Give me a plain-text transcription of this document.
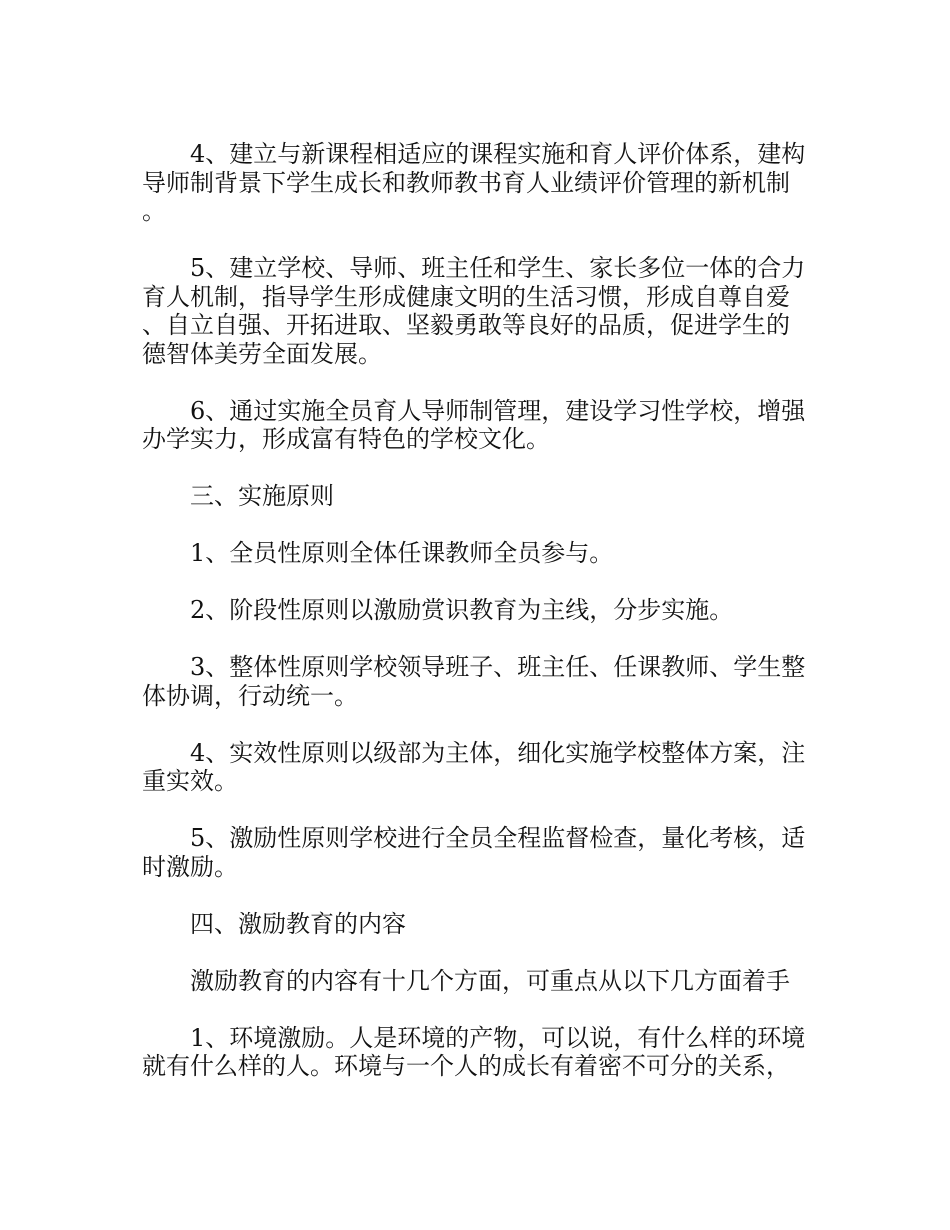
4、建立与新课程相适应的课程实施和育人评价体系，建构导师制背景下学生成长和教师教书育人业绩评价管理的新机制。

5、建立学校、导师、班主任和学生、家长多位一体的合力育人机制，指导学生形成健康文明的生活习惯，形成自尊自爱、自立自强、开拓进取、坚毅勇敢等良好的品质，促进学生的德智体美劳全面发展。

6、通过实施全员育人导师制管理，建设学习性学校，增强办学实力，形成富有特色的学校文化。

三、实施原则

1、全员性原则全体任课教师全员参与。

2、阶段性原则以激励赏识教育为主线，分步实施。

3、整体性原则学校领导班子、班主任、任课教师、学生整体协调，行动统一。

4、实效性原则以级部为主体，细化实施学校整体方案，注重实效。

5、激励性原则学校进行全员全程监督检查，量化考核，适时激励。

四、激励教育的内容

激励教育的内容有十几个方面，可重点从以下几方面着手

1、环境激励。人是环境的产物，可以说，有什么样的环境就有什么样的人。环境与一个人的成长有着密不可分的关系，
